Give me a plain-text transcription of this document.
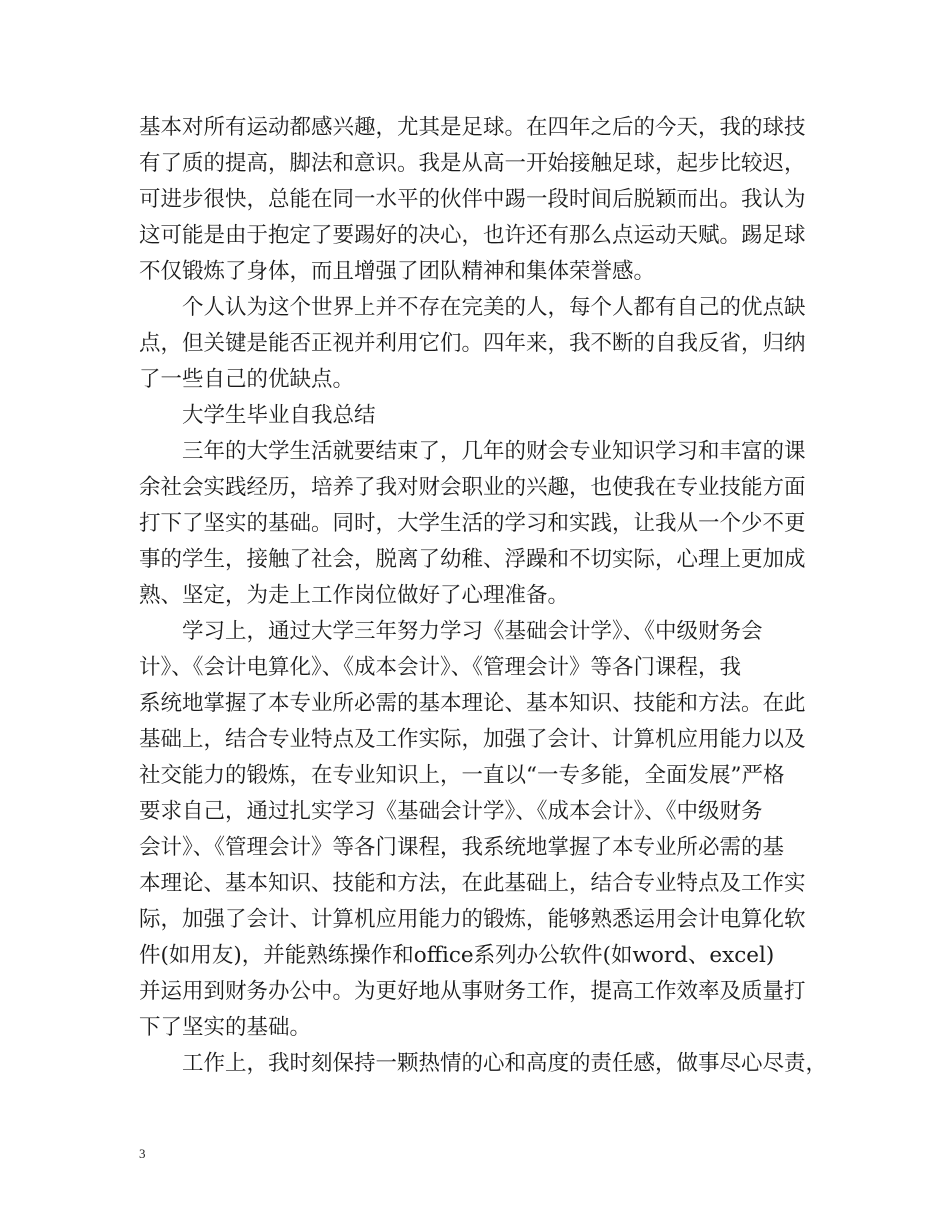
基本对所有运动都感兴趣，尤其是足球。在四年之后的今天，我的球技
有了质的提高，脚法和意识。我是从高一开始接触足球，起步比较迟，
可进步很快，总能在同一水平的伙伴中踢一段时间后脱颖而出。我认为
这可能是由于抱定了要踢好的决心，也许还有那么点运动天赋。踢足球
不仅锻炼了身体，而且增强了团队精神和集体荣誉感。
个人认为这个世界上并不存在完美的人，每个人都有自己的优点缺
点，但关键是能否正视并利用它们。四年来，我不断的自我反省，归纳
了一些自己的优缺点。
大学生毕业自我总结
三年的大学生活就要结束了，几年的财会专业知识学习和丰富的课
余社会实践经历，培养了我对财会职业的兴趣，也使我在专业技能方面
打下了坚实的基础。同时，大学生活的学习和实践，让我从一个少不更
事的学生，接触了社会，脱离了幼稚、浮躁和不切实际，心理上更加成
熟、坚定，为走上工作岗位做好了心理准备。
学习上，通过大学三年努力学习《基础会计学》、《中级财务会
计》、《会计电算化》、《成本会计》、《管理会计》等各门课程，我
系统地掌握了本专业所必需的基本理论、基本知识、技能和方法。在此
基础上，结合专业特点及工作实际，加强了会计、计算机应用能力以及
社交能力的锻炼，在专业知识上，一直以“一专多能，全面发展”严格
要求自己，通过扎实学习《基础会计学》、《成本会计》、《中级财务
会计》、《管理会计》等各门课程，我系统地掌握了本专业所必需的基
本理论、基本知识、技能和方法，在此基础上，结合专业特点及工作实
际，加强了会计、计算机应用能力的锻炼，能够熟悉运用会计电算化软
件(如用友)，并能熟练操作和office系列办公软件(如word、excel)
并运用到财务办公中。为更好地从事财务工作，提高工作效率及质量打
下了坚实的基础。
工作上，我时刻保持一颗热情的心和高度的责任感，做事尽心尽责，
3
